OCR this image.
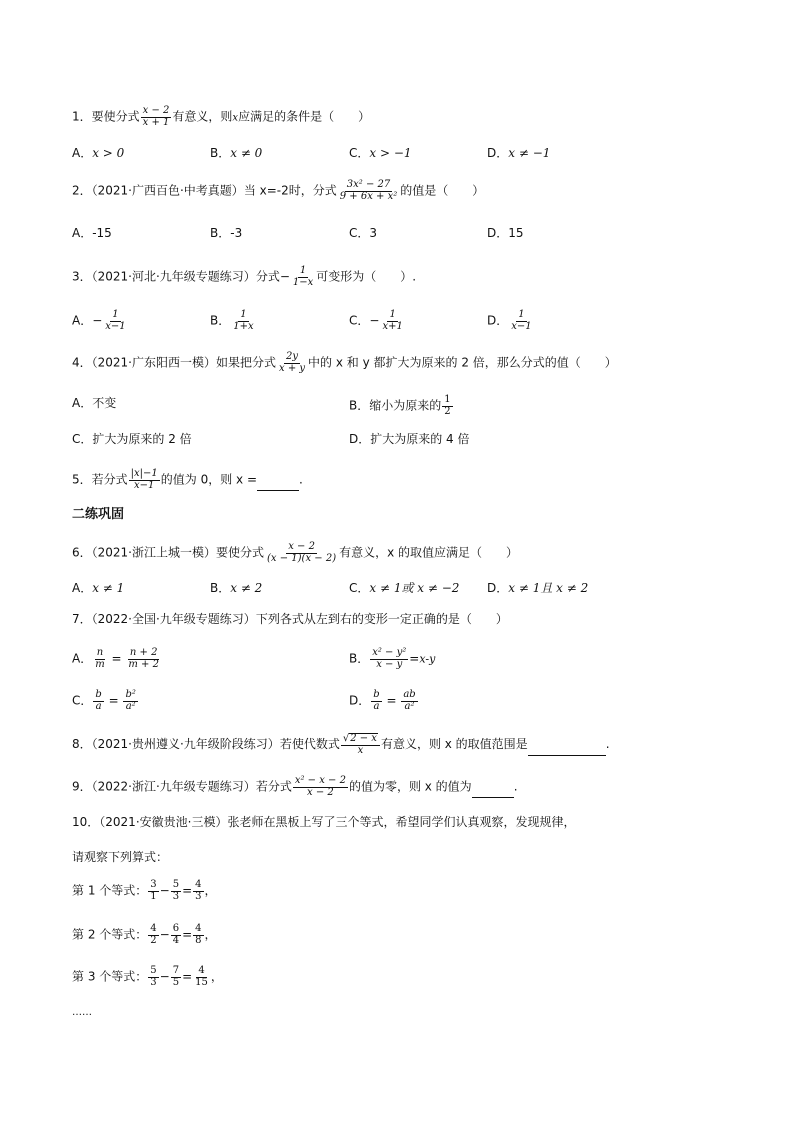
1．要使分式 $\frac{x - 2}{x + 1}$ 有意义，则x应满足的条件是（　　）
A．x > 0	B．x ≠ 0	C．x > −1	D．x ≠ −1
2．（2021·广西百色·中考真题）当 x=-2时，分式 $\frac{\text{3x² − 27}}{\text{9 + 6x + x²}}$ 的值是（　　）
A．-15	B．-3	C．3	D．15
3．（2021·河北·九年级专题练习）分式− $\frac{1}{1-x}$ 可变形为（　　）.
A．− $\frac{1}{x-1}$	B． $\frac{1}{1+x}$	C．− $\frac{1}{x+1}$	D． $\frac{1}{x-1}$
4．（2021·广东阳西一模）如果把分式 $\frac{2y}{x + y}$ 中的 x 和 y 都扩大为原来的 2 倍，那么分式的值（　　）
A．不变	B．缩小为原来的 $\frac{1}{2}$
C．扩大为原来的 2 倍	D．扩大为原来的 4 倍
5．若分式 $\frac{|x|-1}{x-1}$ 的值为 0，则 x =	.
二练巩固
6．（2021·浙江上城一模）要使分式 $\frac{x - 2}{(x - 1)(x - 2)}$ 有意义，x 的取值应满足（　　）
A．x ≠ 1	B．x ≠ 2	C．x ≠ 1或 x ≠ −2 D．x ≠ 1且 x ≠ 2
7．（2022·全国·九年级专题练习）下列各式从左到右的变形一定正确的是（　　）
A． $\frac{n}{m} = \frac{n + 2}{m + 2}$	B． $\frac{\text{x² − y²}}{x - y} =x-y$
C． $\frac{b}{a} = \frac{\text{b²}}{\text{a²}}$	D． $\frac{b}{a} = \frac{ab}{\text{a²}}$
8．（2021·贵州遵义·九年级阶段练习）若使代数式 $\frac{√2 - x}{x}$ 有意义，则 x 的取值范围是	.
9．（2022·浙江·九年级专题练习）若分式 $\frac{\text{x² − x − 2}}{x - 2}$ 的值为零，则 x 的值为	.
10．（2021·安徽贵池·三模）张老师在黑板上写了三个等式，希望同学们认真观察，发现规律，
请观察下列算式：
第 1 个等式： $\frac{3}{1} - \frac{5}{3} = \frac{4}{3}$ ，
第 2 个等式： $\frac{4}{2} - \frac{6}{4} = \frac{4}{8}$ ，
第 3 个等式： $\frac{5}{3} - \frac{7}{5} = \frac{4}{15}$ ，
……
